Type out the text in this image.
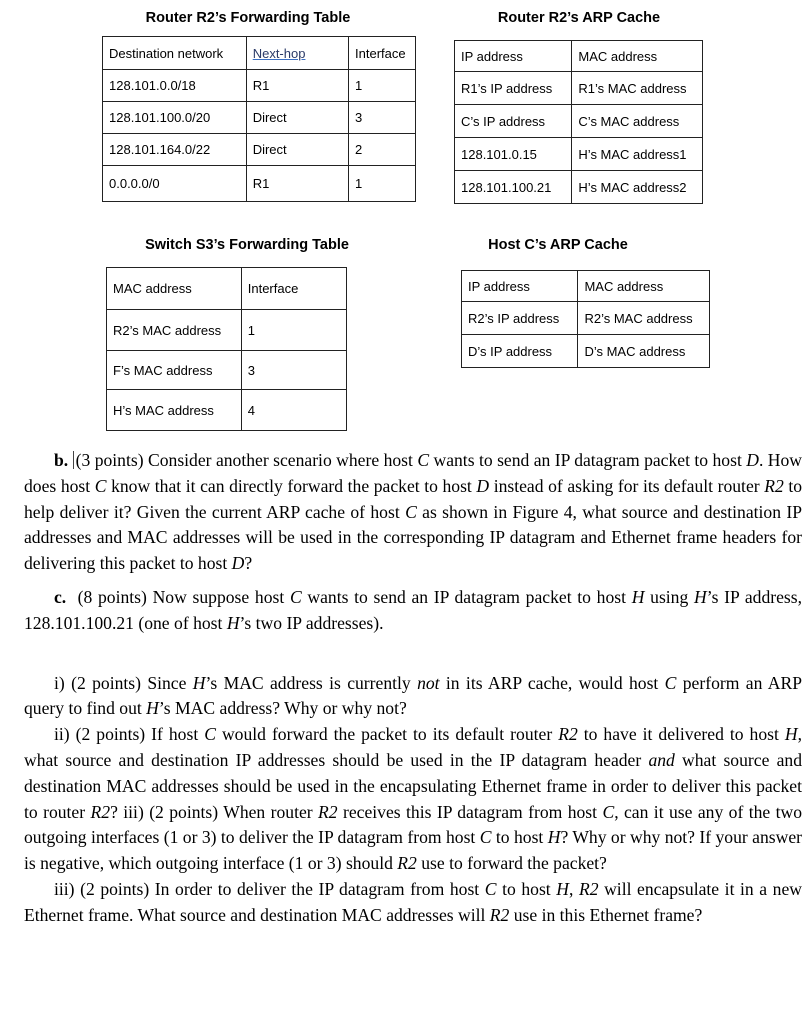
Router R2’s Forwarding Table
Destination network	Next-hop	Interface
128.101.0.0/18	R1	1
128.101.100.0/20	Direct	3
128.101.164.0/22	Direct	2
0.0.0.0/0	R1	1
Router R2’s ARP Cache
IP address	MAC address
R1’s IP address	R1’s MAC address
C’s IP address	C’s MAC address
128.101.0.15	H’s MAC address1
128.101.100.21	H’s MAC address2
Switch S3’s Forwarding Table
MAC address	Interface
R2’s MAC address	1
F’s MAC address	3
H’s MAC address	4
Host C’s ARP Cache
IP address	MAC address
R2’s IP address	R2’s MAC address
D’s IP address	D’s MAC address

b. (3 points) Consider another scenario where host C wants to send an IP datagram packet to host D. How does host C know that it can directly forward the packet to host D instead of asking for its default router R2 to help deliver it? Given the current ARP cache of host C as shown in Figure 4, what source and destination IP addresses and MAC addresses will be used in the corresponding IP datagram and Ethernet frame headers for delivering this packet to host D?

c. (8 points) Now suppose host C wants to send an IP datagram packet to host H using H’s IP address, 128.101.100.21 (one of host H’s two IP addresses).

i) (2 points) Since H’s MAC address is currently not in its ARP cache, would host C perform an ARP query to find out H’s MAC address? Why or why not?

ii) (2 points) If host C would forward the packet to its default router R2 to have it delivered to host H, what source and destination IP addresses should be used in the IP datagram header and what source and destination MAC addresses should be used in the encapsulating Ethernet frame in order to deliver this packet to router R2? iii) (2 points) When router R2 receives this IP datagram from host C, can it use any of the two outgoing interfaces (1 or 3) to deliver the IP datagram from host C to host H? Why or why not? If your answer is negative, which outgoing interface (1 or 3) should R2 use to forward the packet?

iii) (2 points) In order to deliver the IP datagram from host C to host H, R2 will encapsulate it in a new Ethernet frame. What source and destination MAC addresses will R2 use in this Ethernet frame?
